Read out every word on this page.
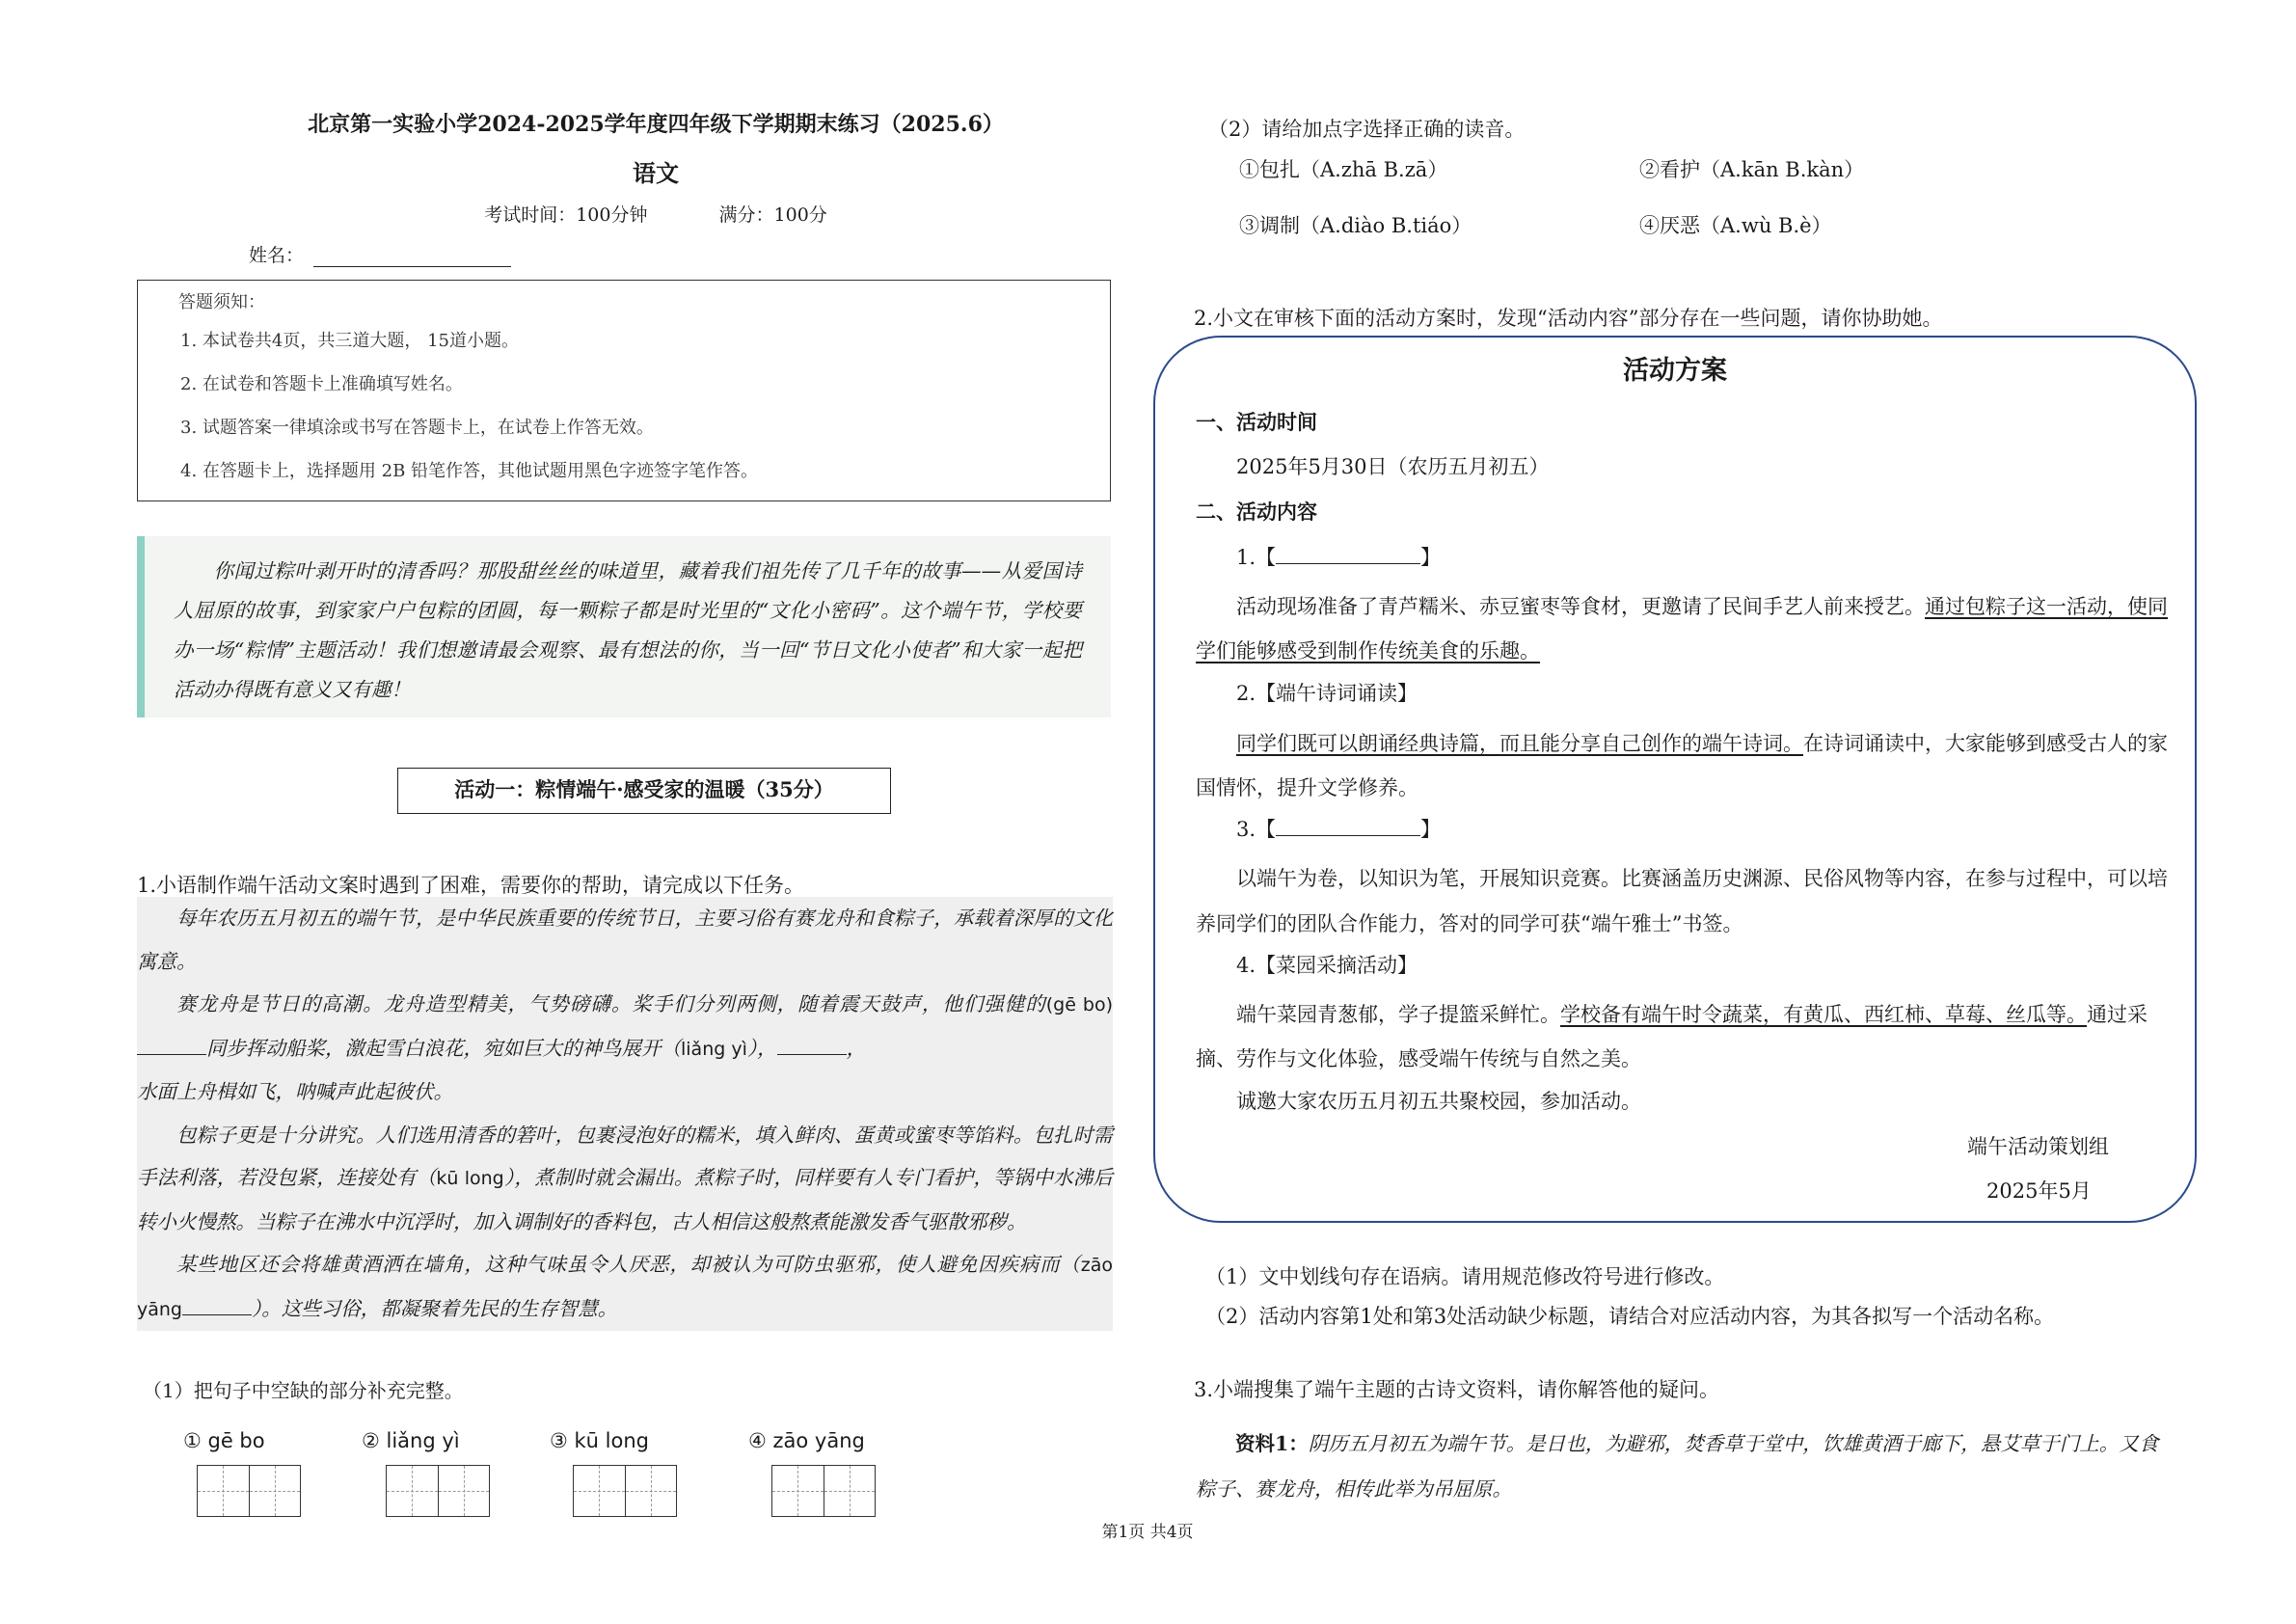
北京第一实验小学2024-2025学年度四年级下学期期末练习（2025.6）
语文
考试时间：100分钟	满分：100分
姓名：
答题须知：
1. 本试卷共4页，共三道大题， 15道小题。
2. 在试卷和答题卡上准确填写姓名。
3. 试题答案一律填涂或书写在答题卡上，在试卷上作答无效。
4. 在答题卡上，选择题用 2B 铅笔作答，其他试题用黑色字迹签字笔作答。
你闻过粽叶剥开时的清香吗？那股甜丝丝的味道里，藏着我们祖先传了几千年的故事——从爱国诗人屈原的故事，到家家户户包粽的团圆，每一颗粽子都是时光里的“文化小密码”。这个端午节，学校要办一场“粽情”主题活动！我们想邀请最会观察、最有想法的你，当一回“节日文化小使者”和大家一起把活动办得既有意义又有趣！
活动一：粽情端午·感受家的温暖（35分）
1.小语制作端午活动文案时遇到了困难，需要你的帮助，请完成以下任务。

每年农历五月初五的端午节，是中华民族重要的传统节日，主要习俗有赛龙舟和食粽子，承载着深厚的文化寓意。

赛龙舟是节日的高潮。龙舟造型精美，气势磅礴。桨手们分列两侧，随着震天鼓声，他们强健的(gē bo)同步挥动船桨，激起雪白浪花，宛如巨大的神鸟展开（liǎng yì），	，
水面上舟楫如飞，呐喊声此起彼伏。

包粽子更是十分讲究。人们选用清香的箬叶，包裹浸泡好的糯米，填入鲜肉、蛋黄或蜜枣等馅料。包扎时需手法利落，若没包紧，连接处有（kū long），煮制时就会漏出。煮粽子时，同样要有人专门看护，等锅中水沸后转小火慢熬。当粽子在沸水中沉浮时，加入调制好的香料包，古人相信这般熬煮能激发香气驱散邪秽。

某些地区还会将雄黄酒洒在墙角，这种气味虽令人厌恶，却被认为可防虫驱邪，使人避免因疾病而（zāo yāng	）。这些习俗，都凝聚着先民的生存智慧。

（1）把句子中空缺的部分补充完整。
① gē bo	② liǎng yì	③ kū long	④ zāo yāng
第1页 共4页
（2）请给加点字选择正确的读音。
①包扎（A.zhā B.zā）	②看护（A.kān B.kàn）
③调制（A.diào B.tiáo）	④厌恶（A.wù B.è）
2.小文在审核下面的活动方案时，发现“活动内容”部分存在一些问题，请你协助她。
活动方案
一、活动时间
2025年5月30日（农历五月初五）
二、活动内容
1.【	】
活动现场准备了青芦糯米、赤豆蜜枣等食材，更邀请了民间手艺人前来授艺。通过包粽子这一活动，使同学们能够感受到制作传统美食的乐趣。
2.【端午诗词诵读】
同学们既可以朗诵经典诗篇，而且能分享自己创作的端午诗词。在诗词诵读中，大家能够到感受古人的家国情怀，提升文学修养。
3.【	】
以端午为卷，以知识为笔，开展知识竞赛。比赛涵盖历史渊源、民俗风物等内容，在参与过程中，可以培养同学们的团队合作能力，答对的同学可获“端午雅士”书签。
4.【菜园采摘活动】
端午菜园青葱郁，学子提篮采鲜忙。学校备有端午时令蔬菜，有黄瓜、西红柿、草莓、丝瓜等。通过采摘、劳作与文化体验，感受端午传统与自然之美。
诚邀大家农历五月初五共聚校园，参加活动。
端午活动策划组
2025年5月
（1）文中划线句存在语病。请用规范修改符号进行修改。
（2）活动内容第1处和第3处活动缺少标题，请结合对应活动内容，为其各拟写一个活动名称。
3.小端搜集了端午主题的古诗文资料，请你解答他的疑问。
资料1：阴历五月初五为端午节。是日也，为避邪，焚香草于堂中，饮雄黄酒于廊下，悬艾草于门上。又食粽子、赛龙舟，相传此举为吊屈原。
